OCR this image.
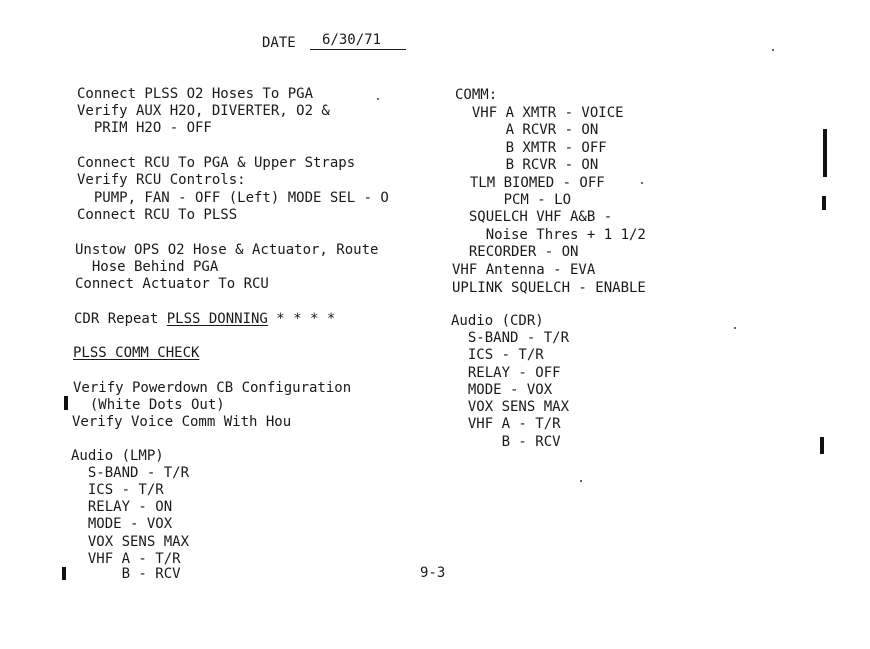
DATE 6/30/71
Connect PLSS O2 Hoses To PGA
Verify AUX H2O, DIVERTER, O2 &
PRIM H2O - OFF
Connect RCU To PGA & Upper Straps
Verify RCU Controls:
PUMP, FAN - OFF (Left) MODE SEL - O
Connect RCU To PLSS
Unstow OPS O2 Hose & Actuator, Route
Hose Behind PGA
Connect Actuator To RCU
CDR Repeat PLSS DONNING * * * *
PLSS COMM CHECK
Verify Powerdown CB Configuration
(White Dots Out)
Verify Voice Comm With Hou
Audio (LMP)
S-BAND - T/R
ICS - T/R
RELAY - ON
MODE - VOX
VOX SENS MAX
VHF A - T/R
B - RCV
COMM:
VHF A XMTR - VOICE
A RCVR - ON
B XMTR - OFF
B RCVR - ON
TLM BIOMED - OFF
PCM - LO
SQUELCH VHF A&B -
Noise Thres + 1 1/2
RECORDER - ON
VHF Antenna - EVA
UPLINK SQUELCH - ENABLE
Audio (CDR)
S-BAND - T/R
ICS - T/R
RELAY - OFF
MODE - VOX
VOX SENS MAX
VHF A - T/R
B - RCV
9-3
